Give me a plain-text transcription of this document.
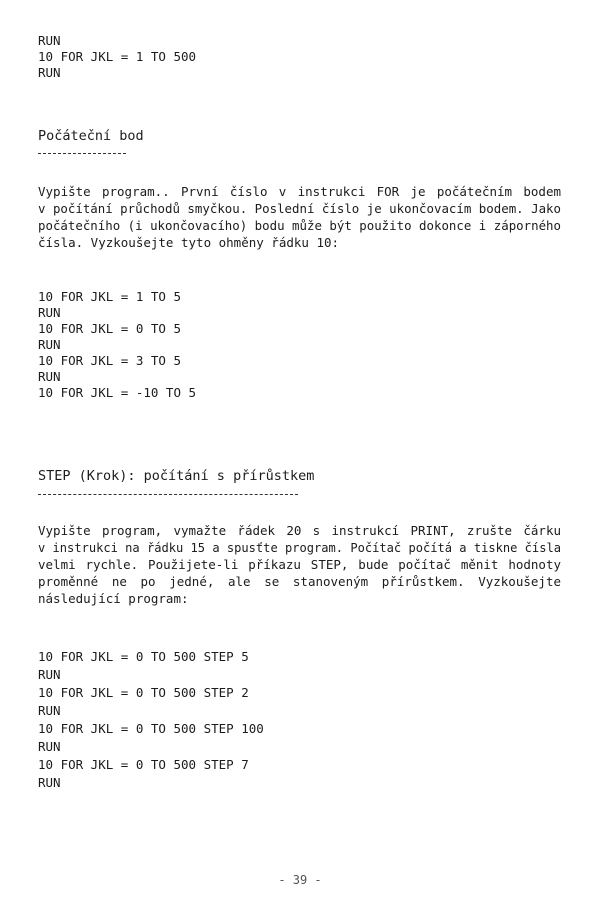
RUN
10 FOR JKL = 1 TO 500
RUN
Počáteční bod
Vypište program.. První číslo v instrukci FOR je počátečním bodem
v počítání průchodů smyčkou. Poslední číslo je ukončovacím bodem. Jako
počátečního (i ukončovacího) bodu může být použito dokonce i záporného
čísla. Vyzkoušejte tyto ohměny řádku 10:
10 FOR JKL = 1 TO 5
RUN
10 FOR JKL = 0 TO 5
RUN
10 FOR JKL = 3 TO 5
RUN
10 FOR JKL = -10 TO 5
STEP (Krok): počítání s přírůstkem
Vypište program, vymažte řádek 20 s instrukcí PRINT, zrušte čárku
v instrukci na řádku 15 a spusťte program. Počítač počítá a tiskne čísla
velmi rychle. Použijete-li příkazu STEP, bude počítač měnit hodnoty
proměnné ne po jedné, ale se stanoveným přírůstkem. Vyzkoušejte
následující program:
10 FOR JKL = 0 TO 500 STEP 5
RUN
10 FOR JKL = 0 TO 500 STEP 2
RUN
10 FOR JKL = 0 TO 500 STEP 100
RUN
10 FOR JKL = 0 TO 500 STEP 7
RUN
- 39 -
